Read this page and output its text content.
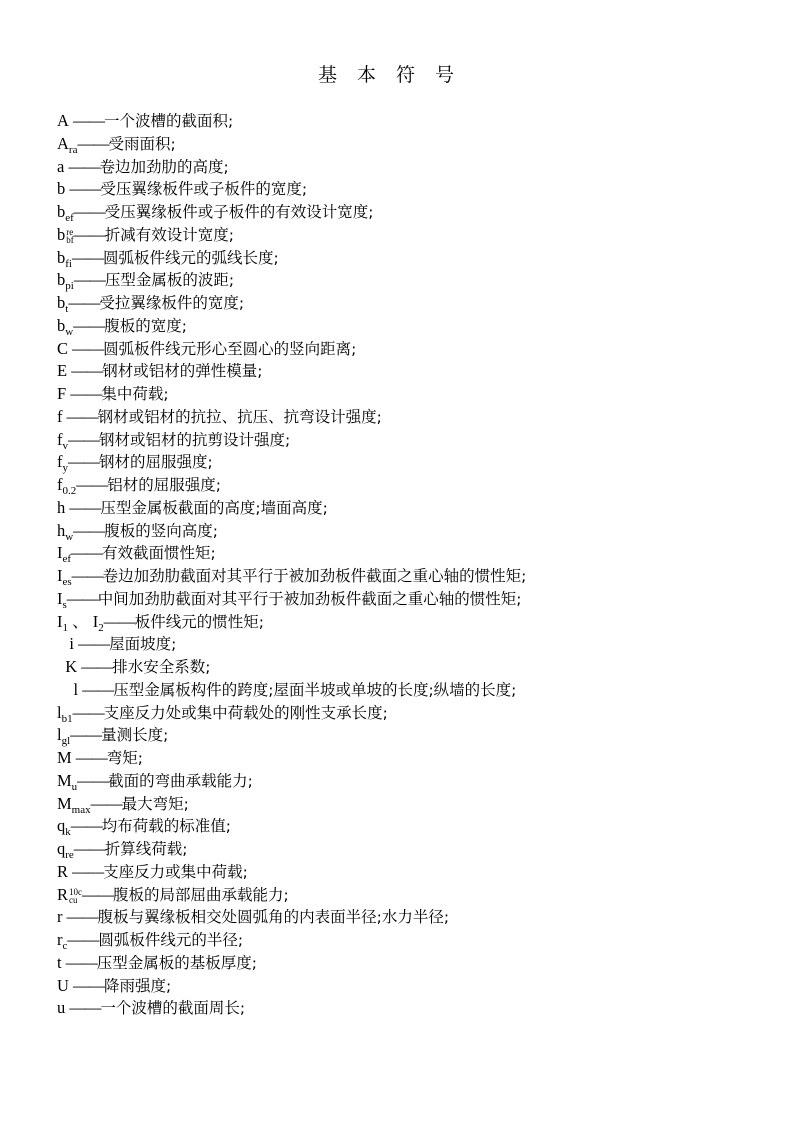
基本符号
A ——一个波槽的截面积;
$A_{ra}——$受雨面积;
a ——卷边加劲肋的高度;
b ——受压翼缘板件或子板件的宽度;
$b_{ef}——$受压翼缘板件或子板件的有效设计宽度;
b re
bf ——折减有效设计宽度;
$b_{fi}——$圆弧板件线元的弧线长度;
$b_{pi}——$压型金属板的波距;
$b_t——$受拉翼缘板件的宽度;
$b_w——$腹板的宽度;
C ——圆弧板件线元形心至圆心的竖向距离;
E ——钢材或铝材的弹性模量;
F ——集中荷载;
f ——钢材或铝材的抗拉、抗压、抗弯设计强度;
$f_v——$钢材或铝材的抗剪设计强度;
$f_y——$钢材的屈服强度;
$f_{0.2}——$铝材的屈服强度;
h ——压型金属板截面的高度;墙面高度;
$h_w——$腹板的竖向高度;
$I_{ef}——$有效截面惯性矩;
$I_{es}——$卷边加劲肋截面对其平行于被加劲板件截面之重心轴的惯性矩;
$I_s——$中间加劲肋截面对其平行于被加劲板件截面之重心轴的惯性矩;
$I_1$ 、 $I_2——$板件线元的惯性矩;
i ——屋面坡度;
K ——排水安全系数;
l ——压型金属板构件的跨度;屋面半坡或单坡的长度;纵墙的长度;
$l_{b1}——$支座反力处或集中荷载处的刚性支承长度;
$l_{gl}——$量测长度;
M ——弯矩;
$M_u——$截面的弯曲承载能力;
$M_{max}——$最大弯矩;
$q_k——$均布荷载的标准值;
$q_{re}——$折算线荷载;
R ——支座反力或集中荷载;
R 10c
cu ——腹板的局部屈曲承载能力;
r ——腹板与翼缘板相交处圆弧角的内表面半径;水力半径;
$r_c——$圆弧板件线元的半径;
t ——压型金属板的基板厚度;
U ——降雨强度;
u ——一个波槽的截面周长;
